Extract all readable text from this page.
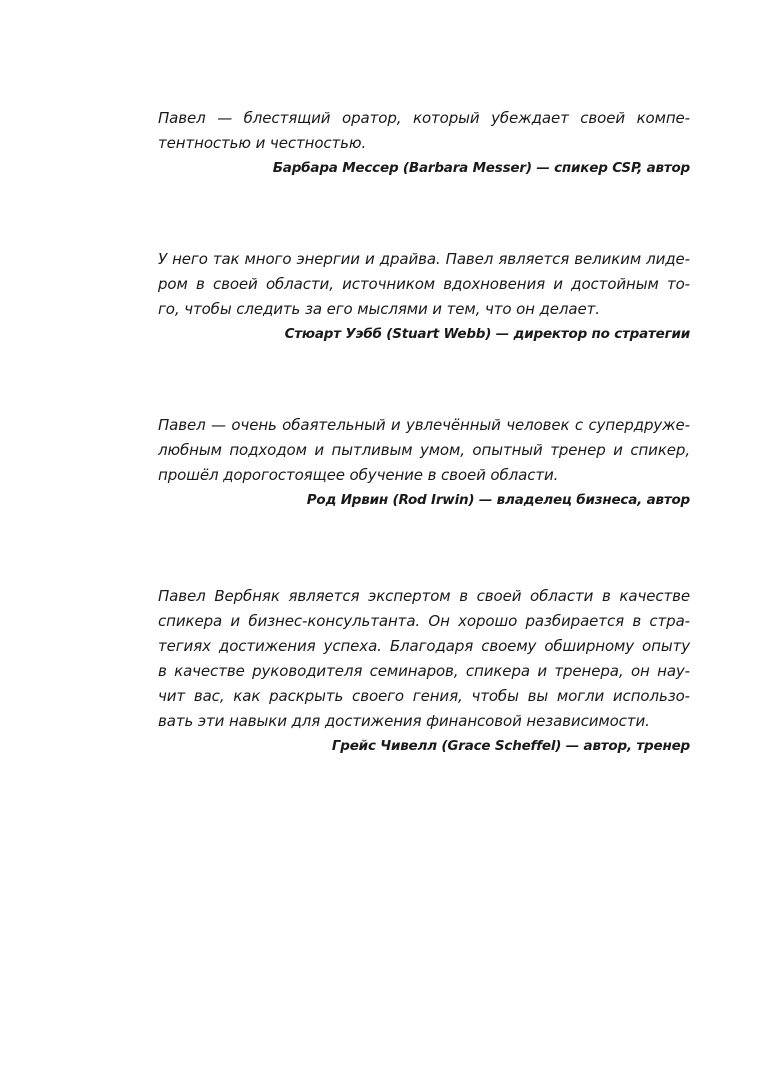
Павел — блестящий оратор, который убеждает своей компе-
тентностью и честностью.
Барбара Мессер (Barbara Messer) — спикер CSP, автор
У него так много энергии и драйва. Павел является великим лиде-
ром в своей области, источником вдохновения и достойным то-
го, чтобы следить за его мыслями и тем, что он делает.
Стюарт Уэбб (Stuart Webb) — директор по стратегии
Павел — очень обаятельный и увлечённый человек с супердруже-
любным подходом и пытливым умом, опытный тренер и спикер,
прошёл дорогостоящее обучение в своей области.
Род Ирвин (Rod Irwin) — владелец бизнеса, автор
Павел Вербняк является экспертом в своей области в качестве
спикера и бизнес-консультанта. Он хорошо разбирается в стра-
тегиях достижения успеха. Благодаря своему обширному опыту
в качестве руководителя семинаров, спикера и тренера, он нау-
чит вас, как раскрыть своего гения, чтобы вы могли использо-
вать эти навыки для достижения финансовой независимости.
Грейс Чивелл (Grace Scheffel) — автор, тренер
